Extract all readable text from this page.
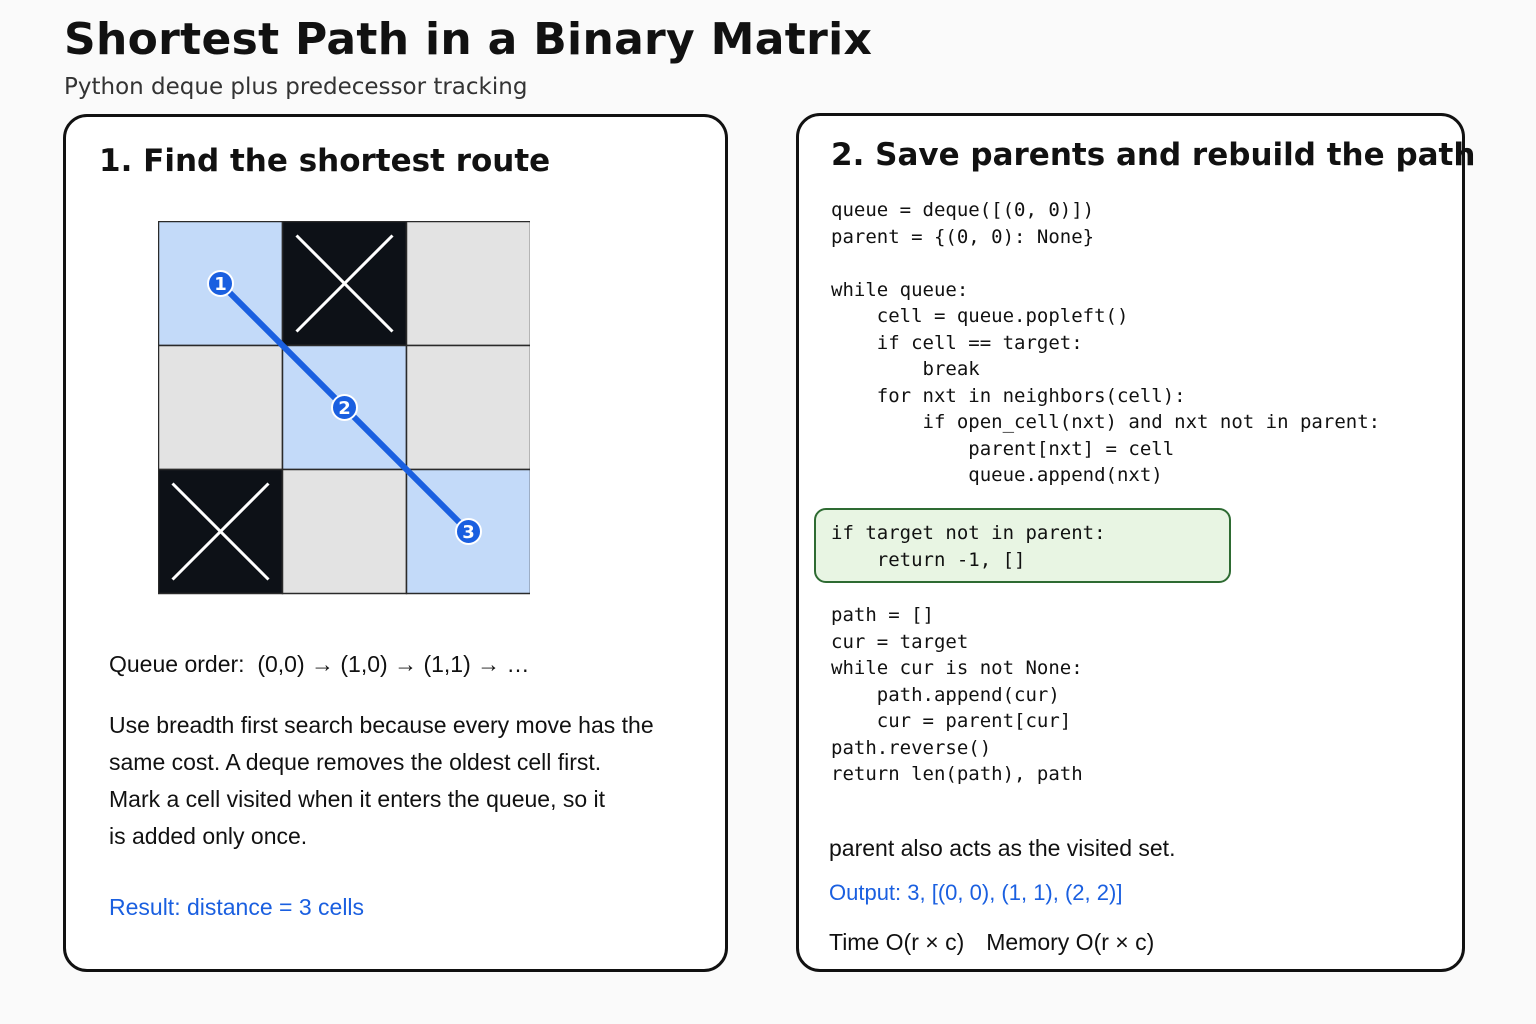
Shortest Path in a Binary Matrix
Python deque plus predecessor tracking
1. Find the shortest route
1
2
3
Queue order: (0,0) → (1,0) → (1,1) → …
Use breadth first search because every move has the
same cost. A deque removes the oldest cell first.
Mark a cell visited when it enters the queue, so it
is added only once.
Result: distance = 3 cells
2. Save parents and rebuild the path
queue = deque([(0, 0)])
parent = {(0, 0): None}
while queue:
cell = queue.popleft()
if cell == target:
break
for nxt in neighbors(cell):
if open_cell(nxt) and nxt not in parent:
parent[nxt] = cell
queue.append(nxt)
if target not in parent:
return -1, []
path = []
cur = target
while cur is not None:
path.append(cur)
cur = parent[cur]
path.reverse()
return len(path), path
parent also acts as the visited set.
Output: 3, [(0, 0), (1, 1), (2, 2)]
Time O(r × c) Memory O(r × c)
